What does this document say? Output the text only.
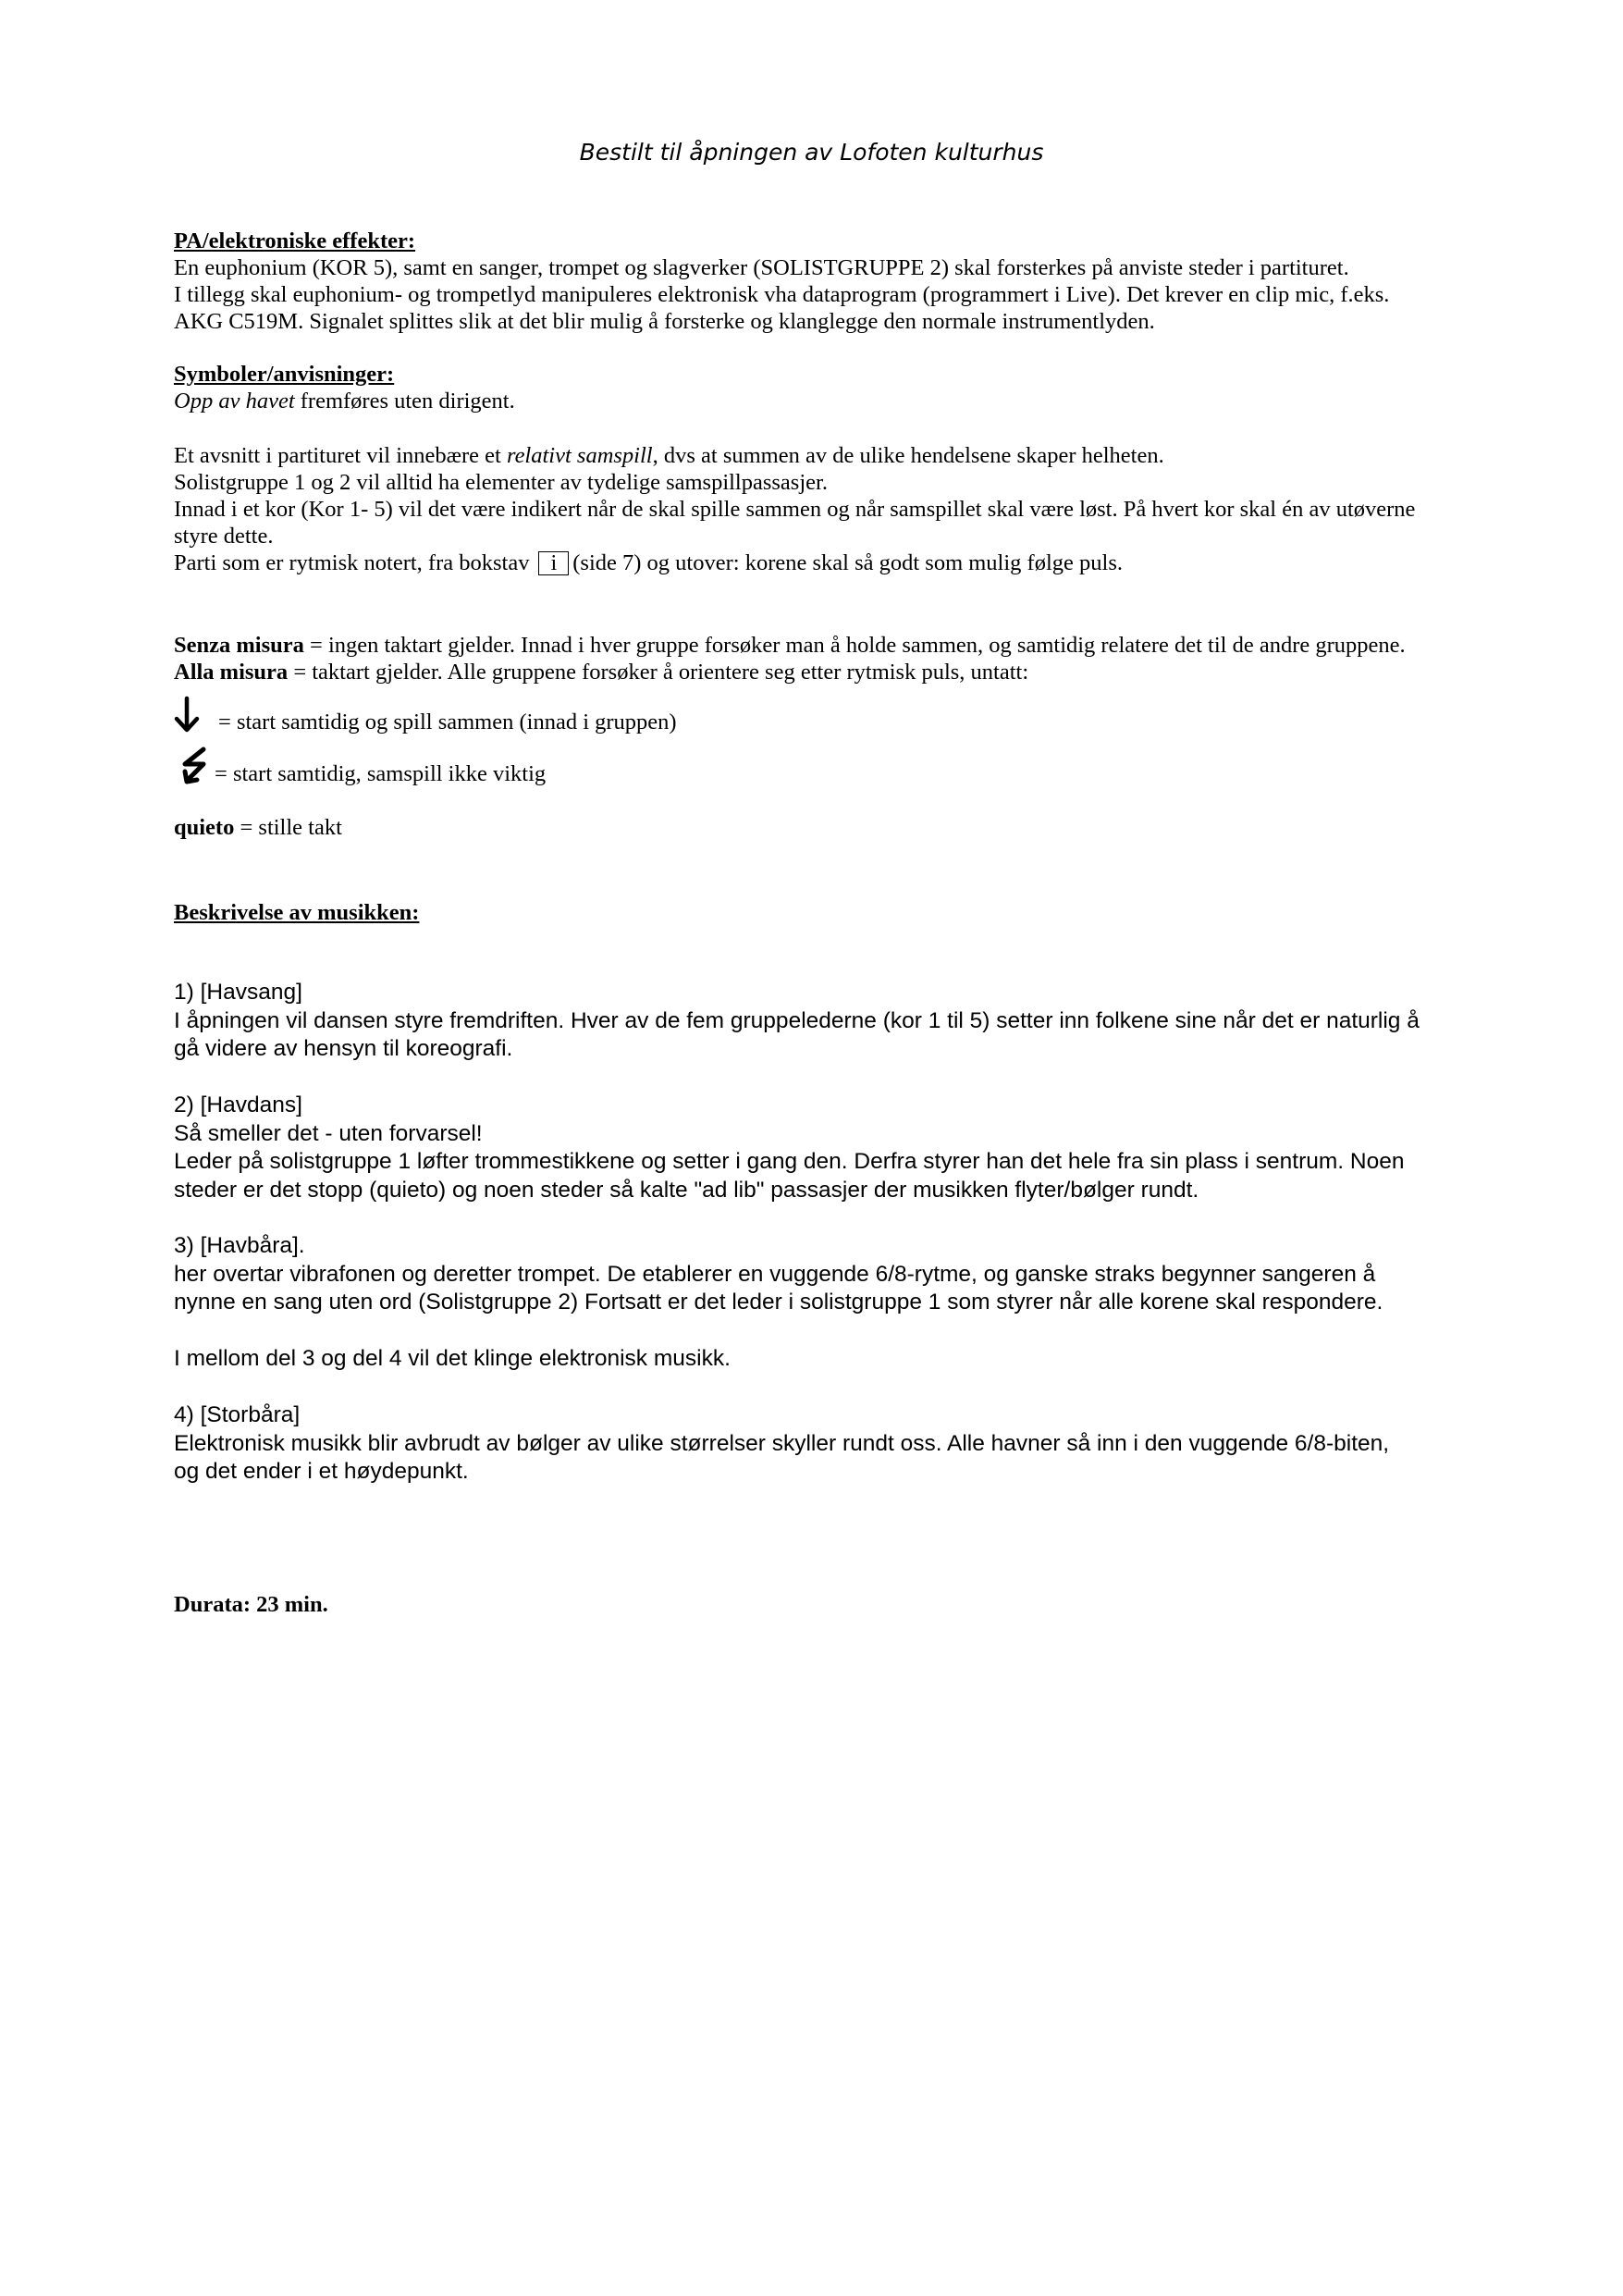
Bestilt til åpningen av Lofoten kulturhus
PA/elektroniske effekter:
En euphonium (KOR 5), samt en sanger, trompet og slagverker (SOLISTGRUPPE 2) skal forsterkes på anviste steder i partituret.
I tillegg skal euphonium- og trompetlyd manipuleres elektronisk vha dataprogram (programmert i Live). Det krever en clip mic, f.eks.
AKG C519M. Signalet splittes slik at det blir mulig å forsterke og klanglegge den normale instrumentlyden.
Symboler/anvisninger:
Opp av havet fremføres uten dirigent.
Et avsnitt i partituret vil innebære et relativt samspill, dvs at summen av de ulike hendelsene skaper helheten.
Solistgruppe 1 og 2 vil alltid ha elementer av tydelige samspillpassasjer.
Innad i et kor (Kor 1- 5) vil det være indikert når de skal spille sammen og når samspillet skal være løst. På hvert kor skal én av utøverne
styre dette.
Parti som er rytmisk notert, fra bokstav i (side 7) og utover: korene skal så godt som mulig følge puls.
Senza misura = ingen taktart gjelder. Innad i hver gruppe forsøker man å holde sammen, og samtidig relatere det til de andre gruppene.
Alla misura = taktart gjelder. Alle gruppene forsøker å orientere seg etter rytmisk puls, untatt:
= start samtidig og spill sammen (innad i gruppen)
= start samtidig, samspill ikke viktig
quieto = stille takt
Beskrivelse av musikken:
1) [Havsang]
I åpningen vil dansen styre fremdriften. Hver av de fem gruppelederne (kor 1 til 5) setter inn folkene sine når det er naturlig å
gå videre av hensyn til koreografi.
2) [Havdans]
Så smeller det - uten forvarsel!
Leder på solistgruppe 1 løfter trommestikkene og setter i gang den. Derfra styrer han det hele fra sin plass i sentrum. Noen
steder er det stopp (quieto) og noen steder så kalte "ad lib" passasjer der musikken flyter/bølger rundt.
3) [Havbåra].
her overtar vibrafonen og deretter trompet. De etablerer en vuggende 6/8-rytme, og ganske straks begynner sangeren å
nynne en sang uten ord (Solistgruppe 2) Fortsatt er det leder i solistgruppe 1 som styrer når alle korene skal respondere.
I mellom del 3 og del 4 vil det klinge elektronisk musikk.
4) [Storbåra]
Elektronisk musikk blir avbrudt av bølger av ulike størrelser skyller rundt oss. Alle havner så inn i den vuggende 6/8-biten,
og det ender i et høydepunkt.
Durata: 23 min.
